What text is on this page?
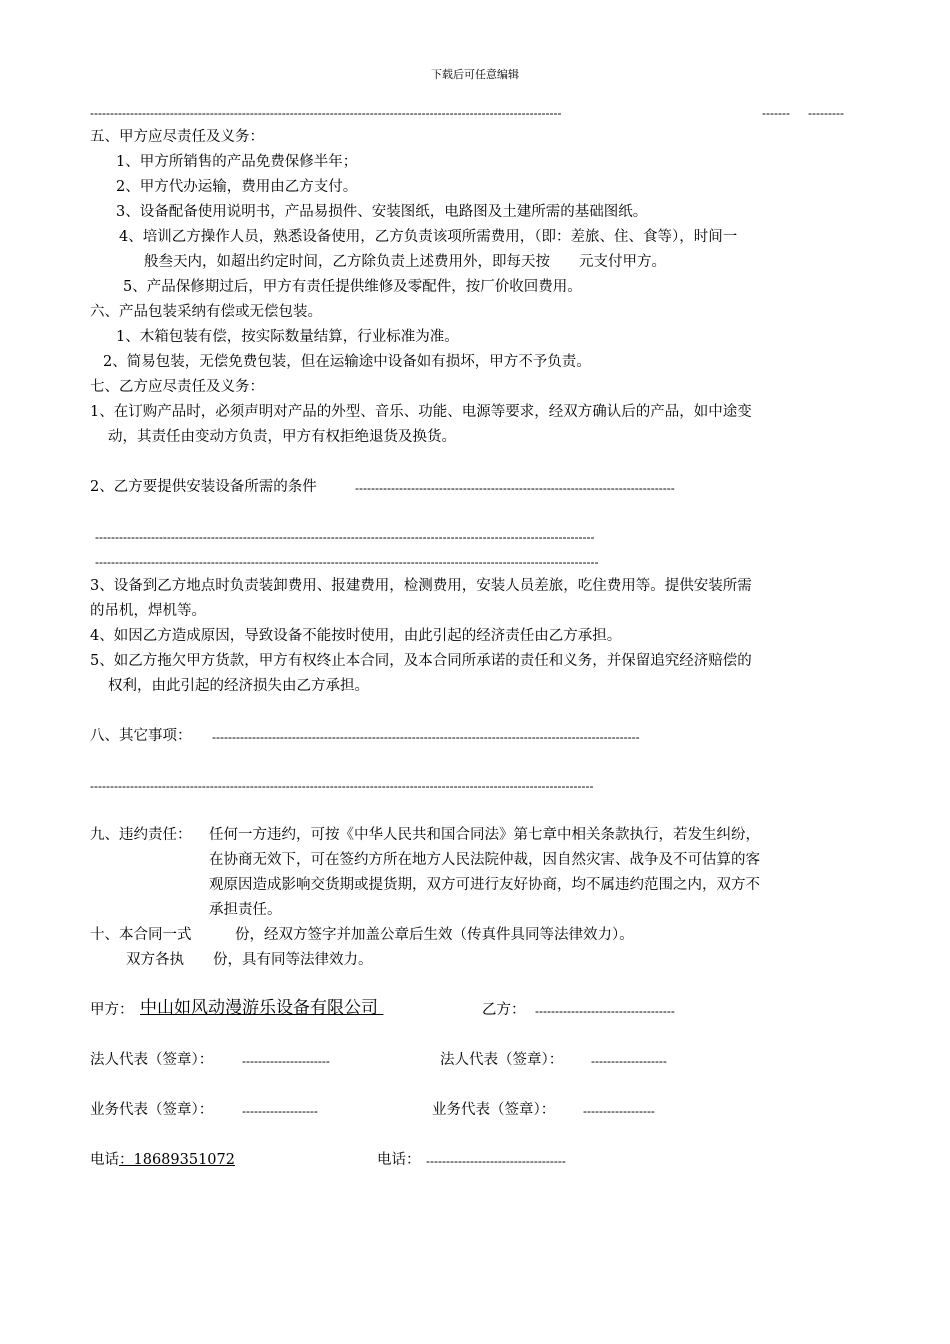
下载后可任意编辑
----------------------------------------------------------------------------------------------------------------------	-------	---------
五、甲方应尽责任及义务：
1、甲方所销售的产品免费保修半年；
2、甲方代办运输，费用由乙方支付。
3、设备配备使用说明书，产品易损件、安装图纸，电路图及土建所需的基础图纸。
4、培训乙方操作人员，熟悉设备使用，乙方负责该项所需费用，（即：差旅、住、食等），时间一
般叁天内，如超出约定时间，乙方除负责上述费用外，即每天按　　元支付甲方。
5、产品保修期过后，甲方有责任提供维修及零配件，按厂价收回费用。
六、产品包装采纳有偿或无偿包装。
1、木箱包装有偿，按实际数量结算，行业标准为准。
2、简易包装，无偿免费包装，但在运输途中设备如有损坏，甲方不予负责。
七、乙方应尽责任及义务：
1、在订购产品时，必须声明对产品的外型、音乐、功能、电源等要求，经双方确认后的产品，如中途变
动，其责任由变动方负责，甲方有权拒绝退货及换货。
2、乙方要提供安装设备所需的条件	--------------------------------------------------------------------------------
-----------------------------------------------------------------------------------------------------------------------------
------------------------------------------------------------------------------------------------------------------------------
3、设备到乙方地点时负责装卸费用、报建费用，检测费用，安装人员差旅，吃住费用等。提供安装所需
的吊机，焊机等。
4、如因乙方造成原因，导致设备不能按时使用，由此引起的经济责任由乙方承担。
5、如乙方拖欠甲方货款，甲方有权终止本合同，及本合同所承诺的责任和义务，并保留追究经济赔偿的
权利，由此引起的经济损失由乙方承担。
八、其它事项： -----------------------------------------------------------------------------------------------------------
------------------------------------------------------------------------------------------------------------------------------
九、违约责任： 任何一方违约，可按《中华人民共和国合同法》第七章中相关条款执行，若发生纠纷，
在协商无效下，可在签约方所在地方人民法院仲裁，因自然灾害、战争及不可估算的客
观原因造成影响交货期或提货期，双方可进行友好协商，均不属违约范围之内，双方不
承担责任。
十、本合同一式　　　份，经双方签字并加盖公章后生效（传真件具同等法律效力）。
双方各执　　份，具有同等法律效力。
甲方： 中山如风动漫游乐设备有限公司	乙方： -----------------------------------
法人代表（签章）： ----------------------	法人代表（签章）： -------------------
业务代表（签章）： -------------------	业务代表（签章）： ------------------
电话 ：18689351072	电话： -----------------------------------
